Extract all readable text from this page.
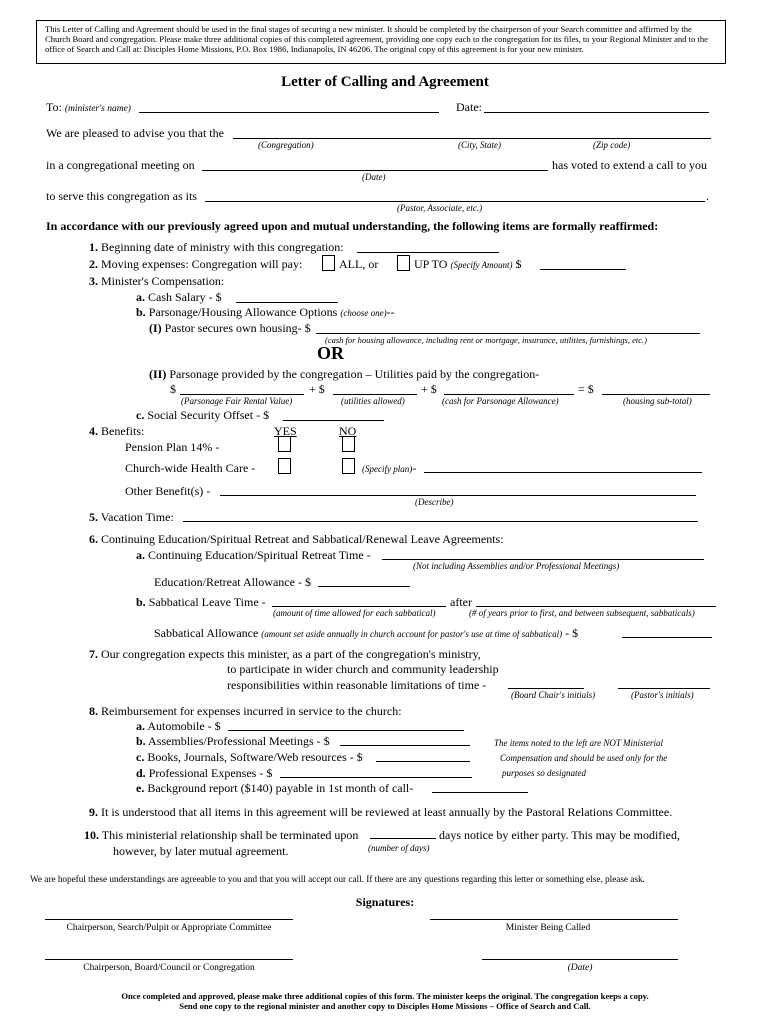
This Letter of Calling and Agreement should be used in the final stages of securing a new minister. It should be completed by the chairperson of your Search committee and affirmed by the Church Board and congregation. Please make three additional copies of this completed agreement, providing one copy each to the congregation for its files, to your Regional Minister and to the office of Search and Call at: Disciples Home Missions, P.O. Box 1986, Indianapolis, IN 46206. The original copy of this agreement is for your new minister.
Letter of Calling and Agreement
To: (minister's name)	Date:
We are pleased to advise you that the
(Congregation)	(City, State)	(Zip code)
in a congregational meeting on	has voted to extend a call to you
(Date)
to serve this congregation as its	.
(Pastor, Associate, etc.)
In accordance with our previously agreed upon and mutual understanding, the following items are formally reaffirmed:
1. Beginning date of ministry with this congregation:
2. Moving expenses: Congregation will pay:	ALL, or	UP TO (Specify Amount) $
3. Minister's Compensation:
a. Cash Salary - $
b. Parsonage/Housing Allowance Options (choose one)--
(I) Pastor secures own housing- $
(cash for housing allowance, including rent or mortgage, insurance, utilities, furnishings, etc.)
OR
(II) Parsonage provided by the congregation – Utilities paid by the congregation-
$	+ $	+ $	= $
(Parsonage Fair Rental Value)	(utilities allowed)	(cash for Parsonage Allowance)	(housing sub-total)
c. Social Security Offset - $
4. Benefits:	YES	NO
Pension Plan 14% -
Church-wide Health Care -	(Specify plan)-
Other Benefit(s) -
(Describe)
5. Vacation Time:
6. Continuing Education/Spiritual Retreat and Sabbatical/Renewal Leave Agreements:
a. Continuing Education/Spiritual Retreat Time -
(Not including Assemblies and/or Professional Meetings)
Education/Retreat Allowance - $
b. Sabbatical Leave Time -	after
(amount of time allowed for each sabbatical)	(# of years prior to first, and between subsequent, sabbaticals)
Sabbatical Allowance (amount set aside annually in church account for pastor's use at time of sabbatical) - $
7. Our congregation expects this minister, as a part of the congregation's ministry,
to participate in wider church and community leadership
responsibilities within reasonable limitations of time -
(Board Chair's initials)	(Pastor's initials)
8. Reimbursement for expenses incurred in service to the church:
a. Automobile - $
b. Assemblies/Professional Meetings - $
c. Books, Journals, Software/Web resources - $
d. Professional Expenses - $
e. Background report ($140) payable in 1st month of call-
The items noted to the left are NOT Ministerial
Compensation and should be used only for the
purposes so designated
9. It is understood that all items in this agreement will be reviewed at least annually by the Pastoral Relations Committee.
10. This ministerial relationship shall be terminated upon	days notice by either party. This may be modified,
however, by later mutual agreement.	(number of days)
We are hopeful these understandings are agreeable to you and that you will accept our call. If there are any questions regarding this letter or something else, please ask.
Signatures:
Chairperson, Search/Pulpit or Appropriate Committee	Minister Being Called
Chairperson, Board/Council or Congregation	(Date)
Once completed and approved, please make three additional copies of this form. The minister keeps the original. The congregation keeps a copy.
Send one copy to the regional minister and another copy to Disciples Home Missions – Office of Search and Call.
